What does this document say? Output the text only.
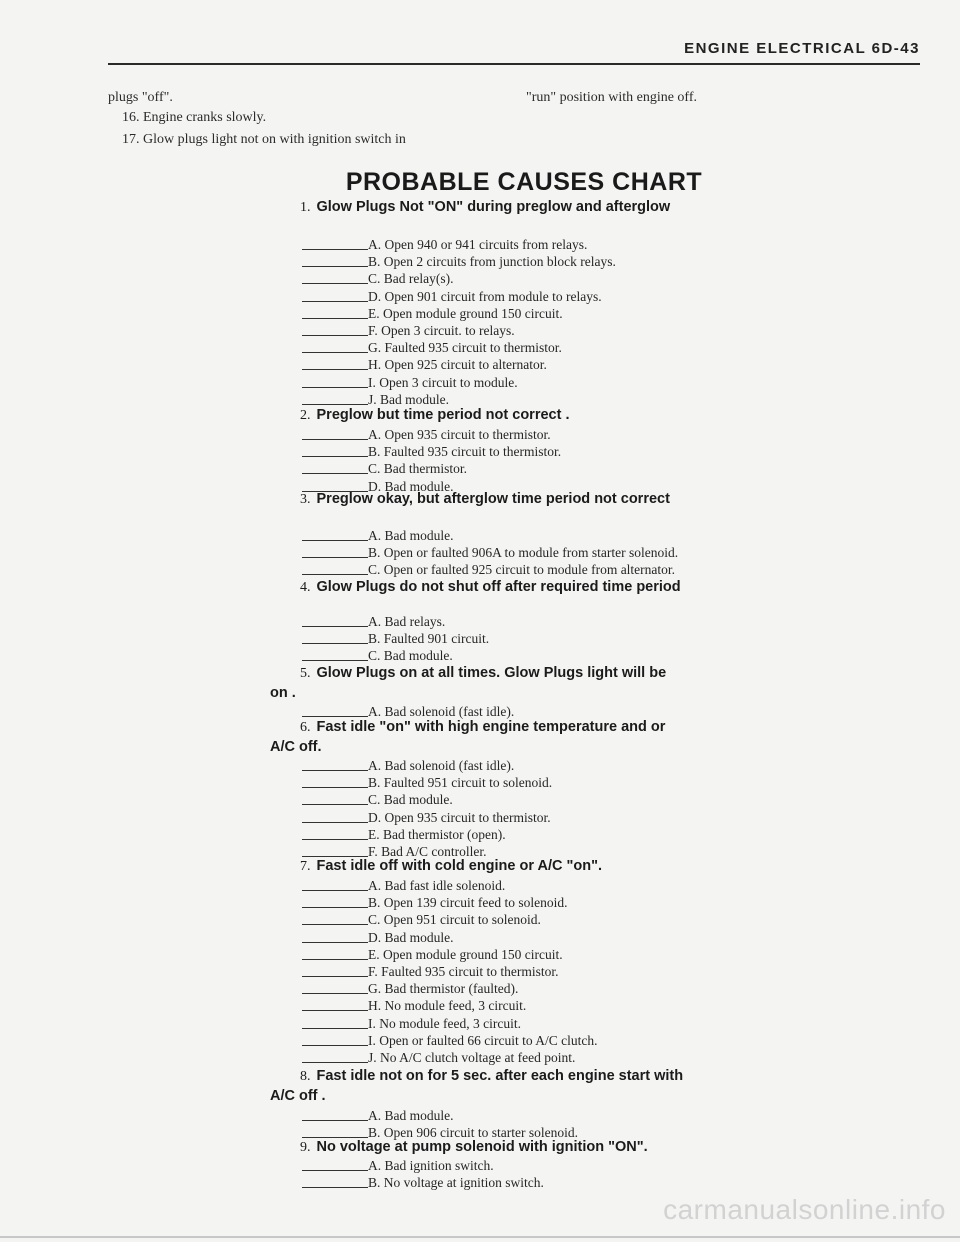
ENGINE ELECTRICAL 6D-43
plugs "off".
16. Engine cranks slowly.
17. Glow plugs light not on with ignition switch in
"run" position with engine off.
PROBABLE CAUSES CHART
1. Glow Plugs Not "ON" during preglow and afterglow
A. Open 940 or 941 circuits from relays.
B. Open 2 circuits from junction block relays.
C. Bad relay(s).
D. Open 901 circuit from module to relays.
E. Open module ground 150 circuit.
F. Open 3 circuit. to relays.
G. Faulted 935 circuit to thermistor.
H. Open 925 circuit to alternator.
I. Open 3 circuit to module.
J. Bad module.
2. Preglow but time period not correct .
A. Open 935 circuit to thermistor.
B. Faulted 935 circuit to thermistor.
C. Bad thermistor.
D. Bad module.
3. Preglow okay, but afterglow time period not correct
A. Bad module.
B. Open or faulted 906A to module from starter solenoid.
C. Open or faulted 925 circuit to module from alternator.
4. Glow Plugs do not shut off after required time period
A. Bad relays.
B. Faulted 901 circuit.
C. Bad module.
5. Glow Plugs on at all times. Glow Plugs light will be
on .
A. Bad solenoid (fast idle).
6. Fast idle "on" with high engine temperature and or
A/C off.
A. Bad solenoid (fast idle).
B. Faulted 951 circuit to solenoid.
C. Bad module.
D. Open 935 circuit to thermistor.
E. Bad thermistor (open).
F. Bad A/C controller.
7. Fast idle off with cold engine or A/C "on".
A. Bad fast idle solenoid.
B. Open 139 circuit feed to solenoid.
C. Open 951 circuit to solenoid.
D. Bad module.
E. Open module ground 150 circuit.
F. Faulted 935 circuit to thermistor.
G. Bad thermistor (faulted).
H. No module feed, 3 circuit.
I. No module feed, 3 circuit.
I. Open or faulted 66 circuit to A/C clutch.
J. No A/C clutch voltage at feed point.
8. Fast idle not on for 5 sec. after each engine start with
A/C off .
A. Bad module.
B. Open 906 circuit to starter solenoid.
9. No voltage at pump solenoid with ignition "ON".
A. Bad ignition switch.
B. No voltage at ignition switch.
carmanualsonline.info
